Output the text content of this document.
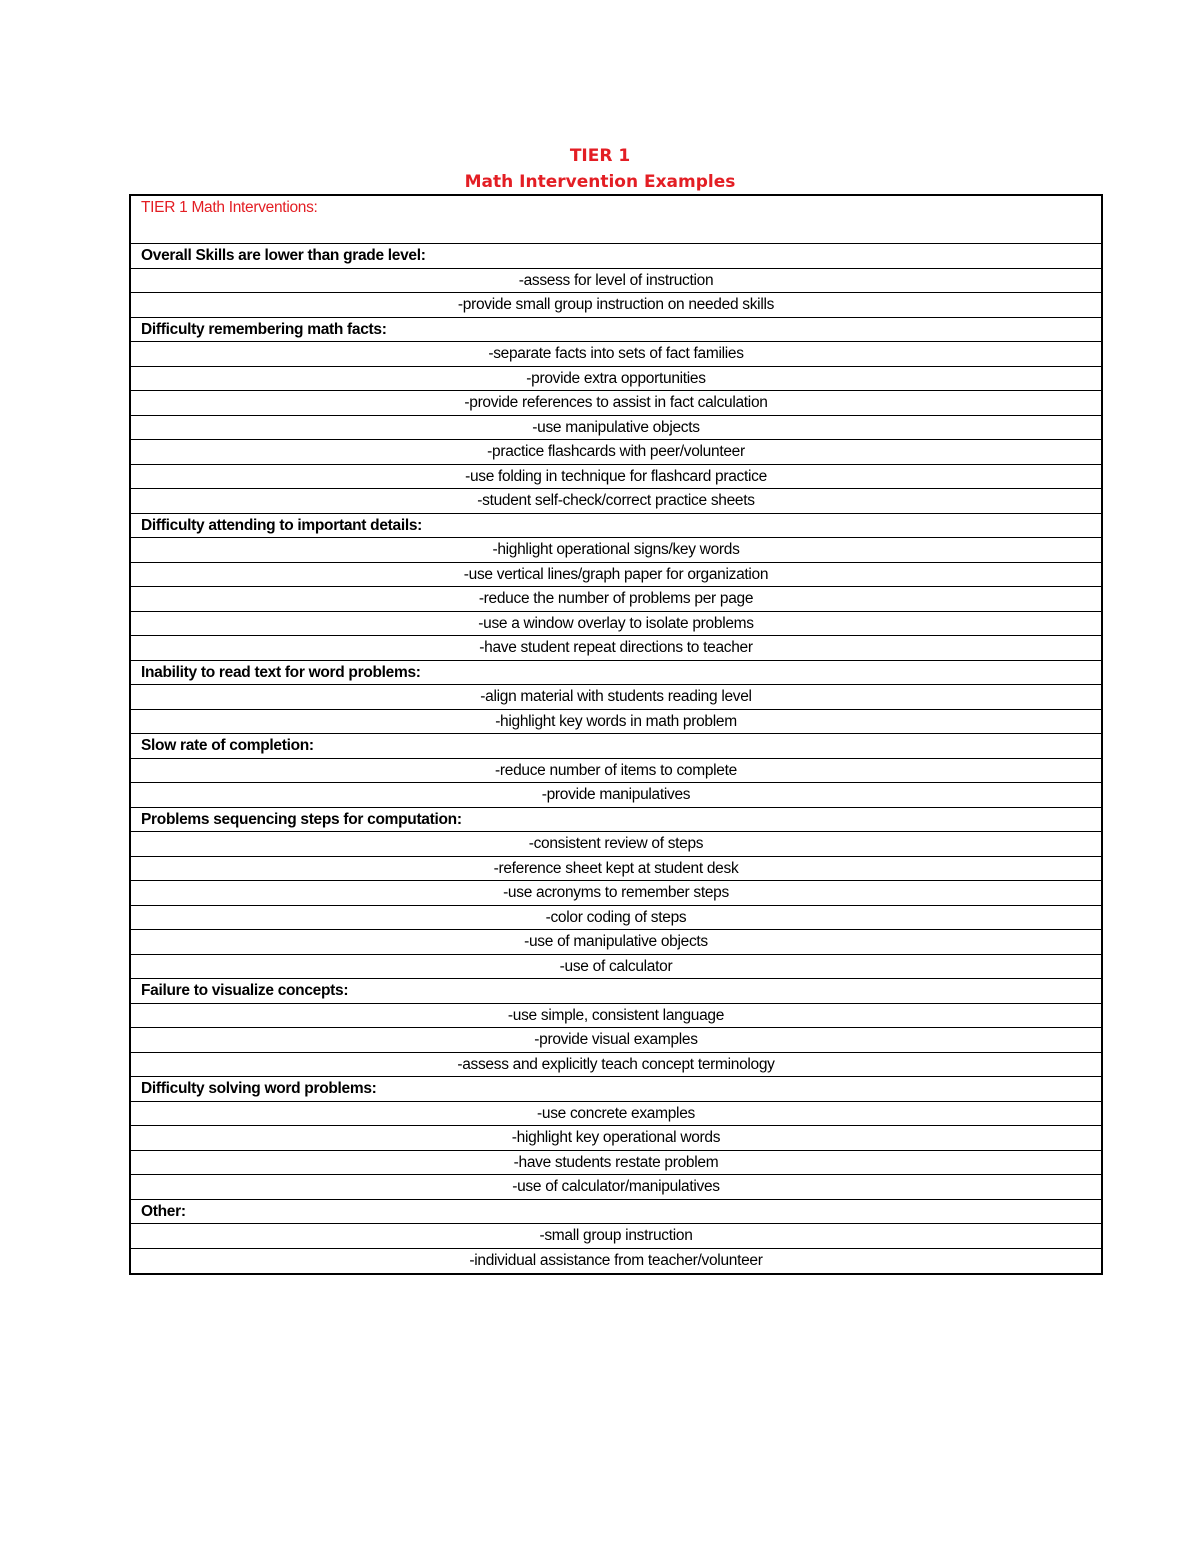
TIER 1
Math Intervention Examples
TIER 1 Math Interventions:
Overall Skills are lower than grade level:
-assess for level of instruction
-provide small group instruction on needed skills
Difficulty remembering math facts:
-separate facts into sets of fact families
-provide extra opportunities
-provide references to assist in fact calculation
-use manipulative objects
-practice flashcards with peer/volunteer
-use folding in technique for flashcard practice
-student self-check/correct practice sheets
Difficulty attending to important details:
-highlight operational signs/key words
-use vertical lines/graph paper for organization
-reduce the number of problems per page
-use a window overlay to isolate problems
-have student repeat directions to teacher
Inability to read text for word problems:
-align material with students reading level
-highlight key words in math problem
Slow rate of completion:
-reduce number of items to complete
-provide manipulatives
Problems sequencing steps for computation:
-consistent review of steps
-reference sheet kept at student desk
-use acronyms to remember steps
-color coding of steps
-use of manipulative objects
-use of calculator
Failure to visualize concepts:
-use simple, consistent language
-provide visual examples
-assess and explicitly teach concept terminology
Difficulty solving word problems:
-use concrete examples
-highlight key operational words
-have students restate problem
-use of calculator/manipulatives
Other:
-small group instruction
-individual assistance from teacher/volunteer
